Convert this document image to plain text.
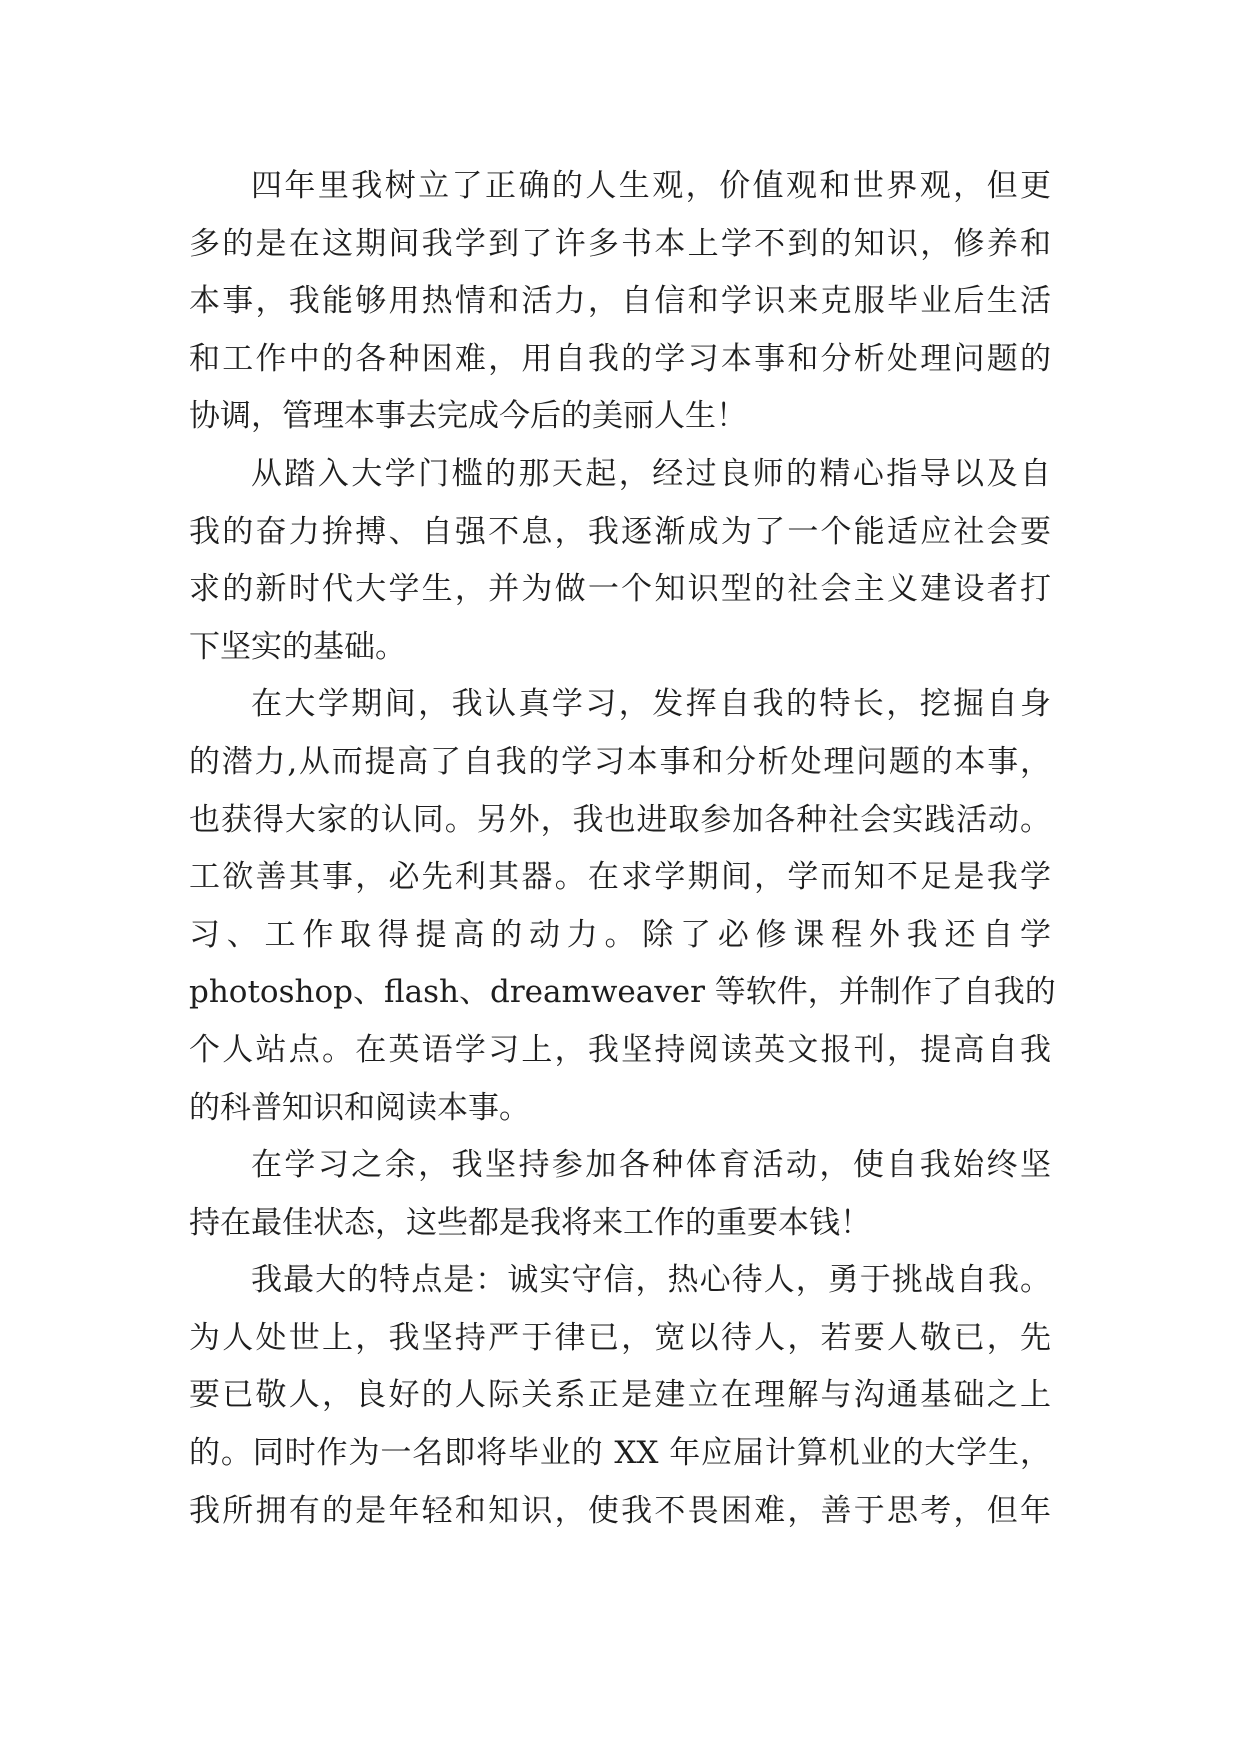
四年里我树立了正确的人生观，价值观和世界观，但更
多的是在这期间我学到了许多书本上学不到的知识，修养和
本事，我能够用热情和活力，自信和学识来克服毕业后生活
和工作中的各种困难，用自我的学习本事和分析处理问题的
协调，管理本事去完成今后的美丽人生！
从踏入大学门槛的那天起，经过良师的精心指导以及自
我的奋力拚搏、自强不息，我逐渐成为了一个能适应社会要
求的新时代大学生，并为做一个知识型的社会主义建设者打
下坚实的基础。
在大学期间，我认真学习，发挥自我的特长，挖掘自身
的潜力,从而提高了自我的学习本事和分析处理问题的本事，
也获得大家的认同。另外，我也进取参加各种社会实践活动。
工欲善其事，必先利其器。在求学期间，学而知不足是我学
习、工作取得提高的动力。除了必修课程外我还自学
photoshop、flash、dreamweaver 等软件，并制作了自我的
个人站点。在英语学习上，我坚持阅读英文报刊，提高自我
的科普知识和阅读本事。
在学习之余，我坚持参加各种体育活动，使自我始终坚
持在最佳状态，这些都是我将来工作的重要本钱！
我最大的特点是：诚实守信，热心待人，勇于挑战自我。
为人处世上，我坚持严于律已，宽以待人，若要人敬已，先
要已敬人，良好的人际关系正是建立在理解与沟通基础之上
的。同时作为一名即将毕业的 XX 年应届计算机业的大学生，
我所拥有的是年轻和知识，使我不畏困难，善于思考，但年
